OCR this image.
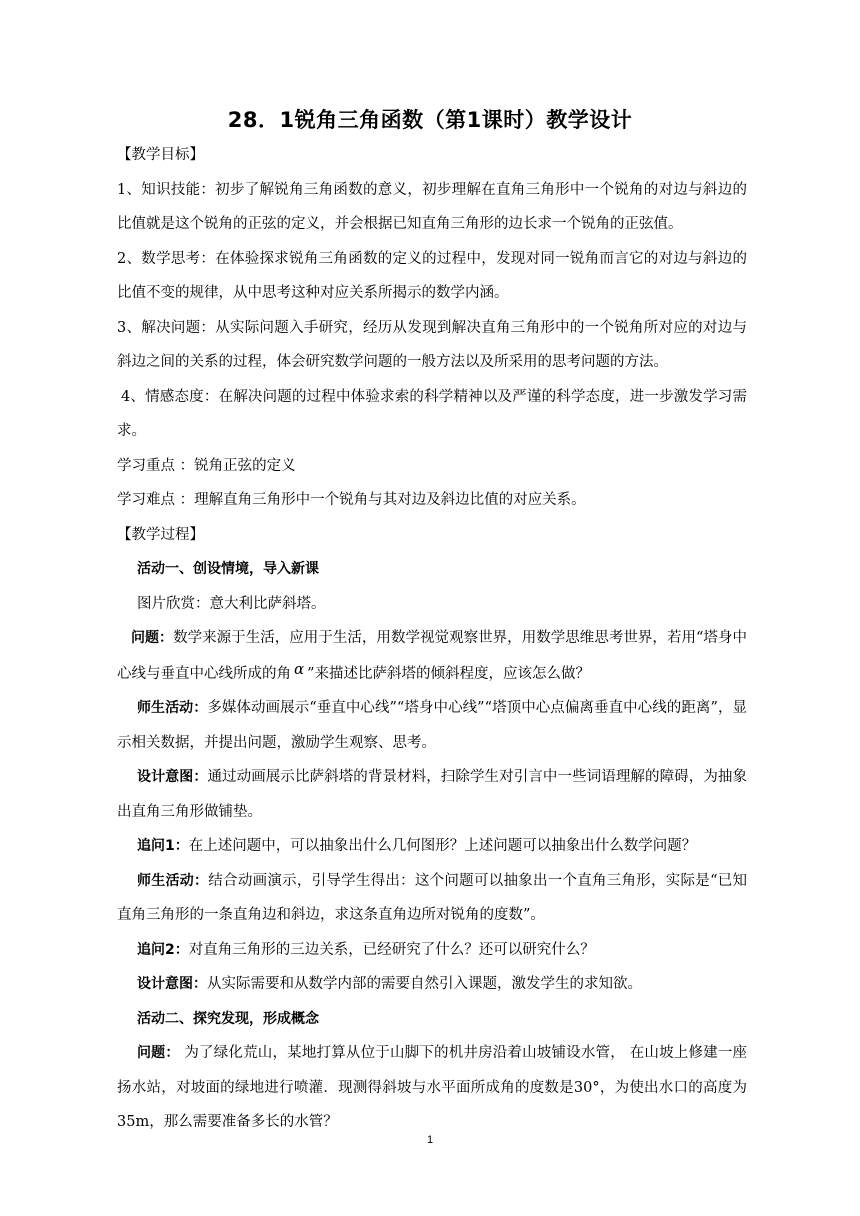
28．1锐角三角函数（第1课时）教学设计

【教学目标】

1、知识技能：初步了解锐角三角函数的意义，初步理解在直角三角形中一个锐角的对边与斜边的比值就是这个锐角的正弦的定义，并会根据已知直角三角形的边长求一个锐角的正弦值。

2、数学思考：在体验探求锐角三角函数的定义的过程中，发现对同一锐角而言它的对边与斜边的比值不变的规律，从中思考这种对应关系所揭示的数学内涵。

3、解决问题：从实际问题入手研究，经历从发现到解决直角三角形中的一个锐角所对应的对边与斜边之间的关系的过程，体会研究数学问题的一般方法以及所采用的思考问题的方法。

4、情感态度：在解决问题的过程中体验求索的科学精神以及严谨的科学态度，进一步激发学习需求。

学习重点 ：锐角正弦的定义

学习难点 ：理解直角三角形中一个锐角与其对边及斜边比值的对应关系。

【教学过程】

活动一、创设情境，导入新课

图片欣赏：意大利比萨斜塔。

问题：数学来源于生活，应用于生活，用数学视觉观察世界，用数学思维思考世界，若用“塔身中心线与垂直中心线所成的角 α ”来描述比萨斜塔的倾斜程度，应该怎么做？

师生活动：多媒体动画展示“垂直中心线”“塔身中心线”“塔顶中心点偏离垂直中心线的距离”，显示相关数据，并提出问题，激励学生观察、思考。

设计意图：通过动画展示比萨斜塔的背景材料，扫除学生对引言中一些词语理解的障碍，为抽象出直角三角形做铺垫。

追问1：在上述问题中，可以抽象出什么几何图形？上述问题可以抽象出什么数学问题？

师生活动：结合动画演示，引导学生得出：这个问题可以抽象出一个直角三角形，实际是“已知直角三角形的一条直角边和斜边，求这条直角边所对锐角的度数”。

追问2：对直角三角形的三边关系，已经研究了什么？还可以研究什么？

设计意图：从实际需要和从数学内部的需要自然引入课题，激发学生的求知欲。

活动二、探究发现，形成概念

问题： 为了绿化荒山，某地打算从位于山脚下的机井房沿着山坡铺设水管， 在山坡上修建一座扬水站，对坡面的绿地进行喷灌．现测得斜坡与水平面所成角的度数是30°，为使出水口的高度为35m，那么需要准备多长的水管？

1
